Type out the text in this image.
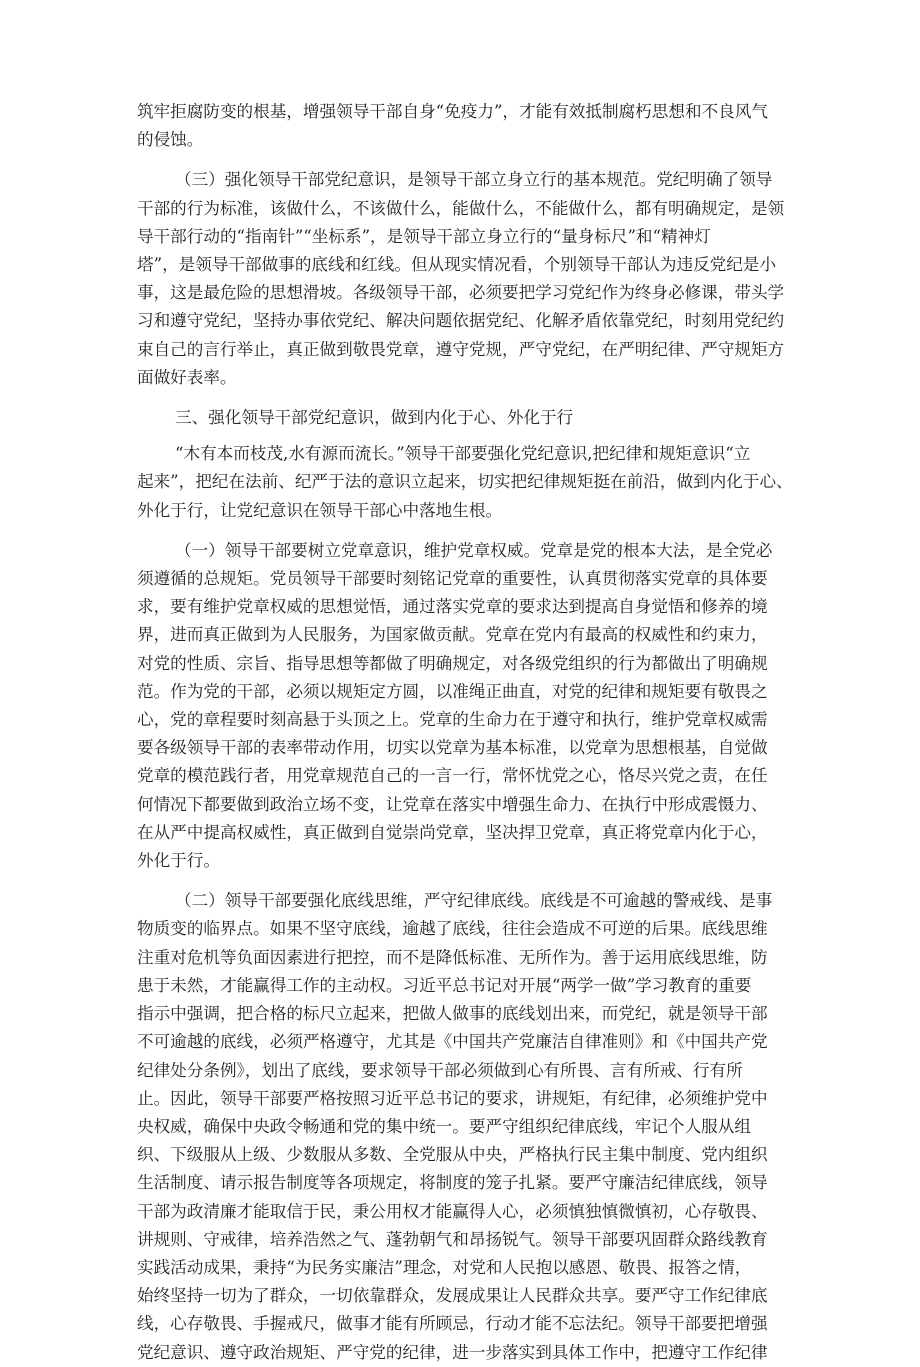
筑牢拒腐防变的根基，增强领导干部自身“免疫力”，才能有效抵制腐朽思想和不良风气
的侵蚀。

（三）强化领导干部党纪意识，是领导干部立身立行的基本规范。党纪明确了领导
干部的行为标准，该做什么，不该做什么，能做什么，不能做什么，都有明确规定，是领
导干部行动的“指南针”“坐标系”，是领导干部立身立行的“量身标尺”和“精神灯
塔”，是领导干部做事的底线和红线。但从现实情况看，个别领导干部认为违反党纪是小
事，这是最危险的思想滑坡。各级领导干部，必须要把学习党纪作为终身必修课，带头学
习和遵守党纪，坚持办事依党纪、解决问题依据党纪、化解矛盾依靠党纪，时刻用党纪约
束自己的言行举止，真正做到敬畏党章，遵守党规，严守党纪，在严明纪律、严守规矩方
面做好表率。

三、强化领导干部党纪意识，做到内化于心、外化于行

“木有本而枝茂,水有源而流长。”领导干部要强化党纪意识,把纪律和规矩意识“立
起来”，把纪在法前、纪严于法的意识立起来，切实把纪律规矩挺在前沿，做到内化于心、
外化于行，让党纪意识在领导干部心中落地生根。

（一）领导干部要树立党章意识，维护党章权威。党章是党的根本大法，是全党必
须遵循的总规矩。党员领导干部要时刻铭记党章的重要性，认真贯彻落实党章的具体要
求，要有维护党章权威的思想觉悟，通过落实党章的要求达到提高自身觉悟和修养的境
界，进而真正做到为人民服务，为国家做贡献。党章在党内有最高的权威性和约束力，
对党的性质、宗旨、指导思想等都做了明确规定，对各级党组织的行为都做出了明确规
范。作为党的干部，必须以规矩定方圆，以准绳正曲直，对党的纪律和规矩要有敬畏之
心，党的章程要时刻高悬于头顶之上。党章的生命力在于遵守和执行，维护党章权威需
要各级领导干部的表率带动作用，切实以党章为基本标准，以党章为思想根基，自觉做
党章的模范践行者，用党章规范自己的一言一行，常怀忧党之心，恪尽兴党之责，在任
何情况下都要做到政治立场不变，让党章在落实中增强生命力、在执行中形成震慑力、
在从严中提高权威性，真正做到自觉崇尚党章，坚决捍卫党章，真正将党章内化于心，
外化于行。

（二）领导干部要强化底线思维，严守纪律底线。底线是不可逾越的警戒线、是事
物质变的临界点。如果不坚守底线，逾越了底线，往往会造成不可逆的后果。底线思维
注重对危机等负面因素进行把控，而不是降低标准、无所作为。善于运用底线思维，防
患于未然，才能赢得工作的主动权。习近平总书记对开展“两学一做”学习教育的重要
指示中强调，把合格的标尺立起来，把做人做事的底线划出来，而党纪，就是领导干部
不可逾越的底线，必须严格遵守，尤其是《中国共产党廉洁自律准则》和《中国共产党
纪律处分条例》，划出了底线，要求领导干部必须做到心有所畏、言有所戒、行有所
止。因此，领导干部要严格按照习近平总书记的要求，讲规矩，有纪律，必须维护党中
央权威，确保中央政令畅通和党的集中统一。要严守组织纪律底线，牢记个人服从组
织、下级服从上级、少数服从多数、全党服从中央，严格执行民主集中制度、党内组织
生活制度、请示报告制度等各项规定，将制度的笼子扎紧。要严守廉洁纪律底线，领导
干部为政清廉才能取信于民，秉公用权才能赢得人心，必须慎独慎微慎初，心存敬畏、
讲规则、守戒律，培养浩然之气、蓬勃朝气和昂扬锐气。领导干部要巩固群众路线教育
实践活动成果，秉持“为民务实廉洁”理念，对党和人民抱以感恩、敬畏、报答之情，
始终坚持一切为了群众，一切依靠群众，发展成果让人民群众共享。要严守工作纪律底
线，心存敬畏、手握戒尺，做事才能有所顾忌，行动才能不忘法纪。领导干部要把增强
党纪意识、遵守政治规矩、严守党的纪律，进一步落实到具体工作中，把遵守工作纪律
